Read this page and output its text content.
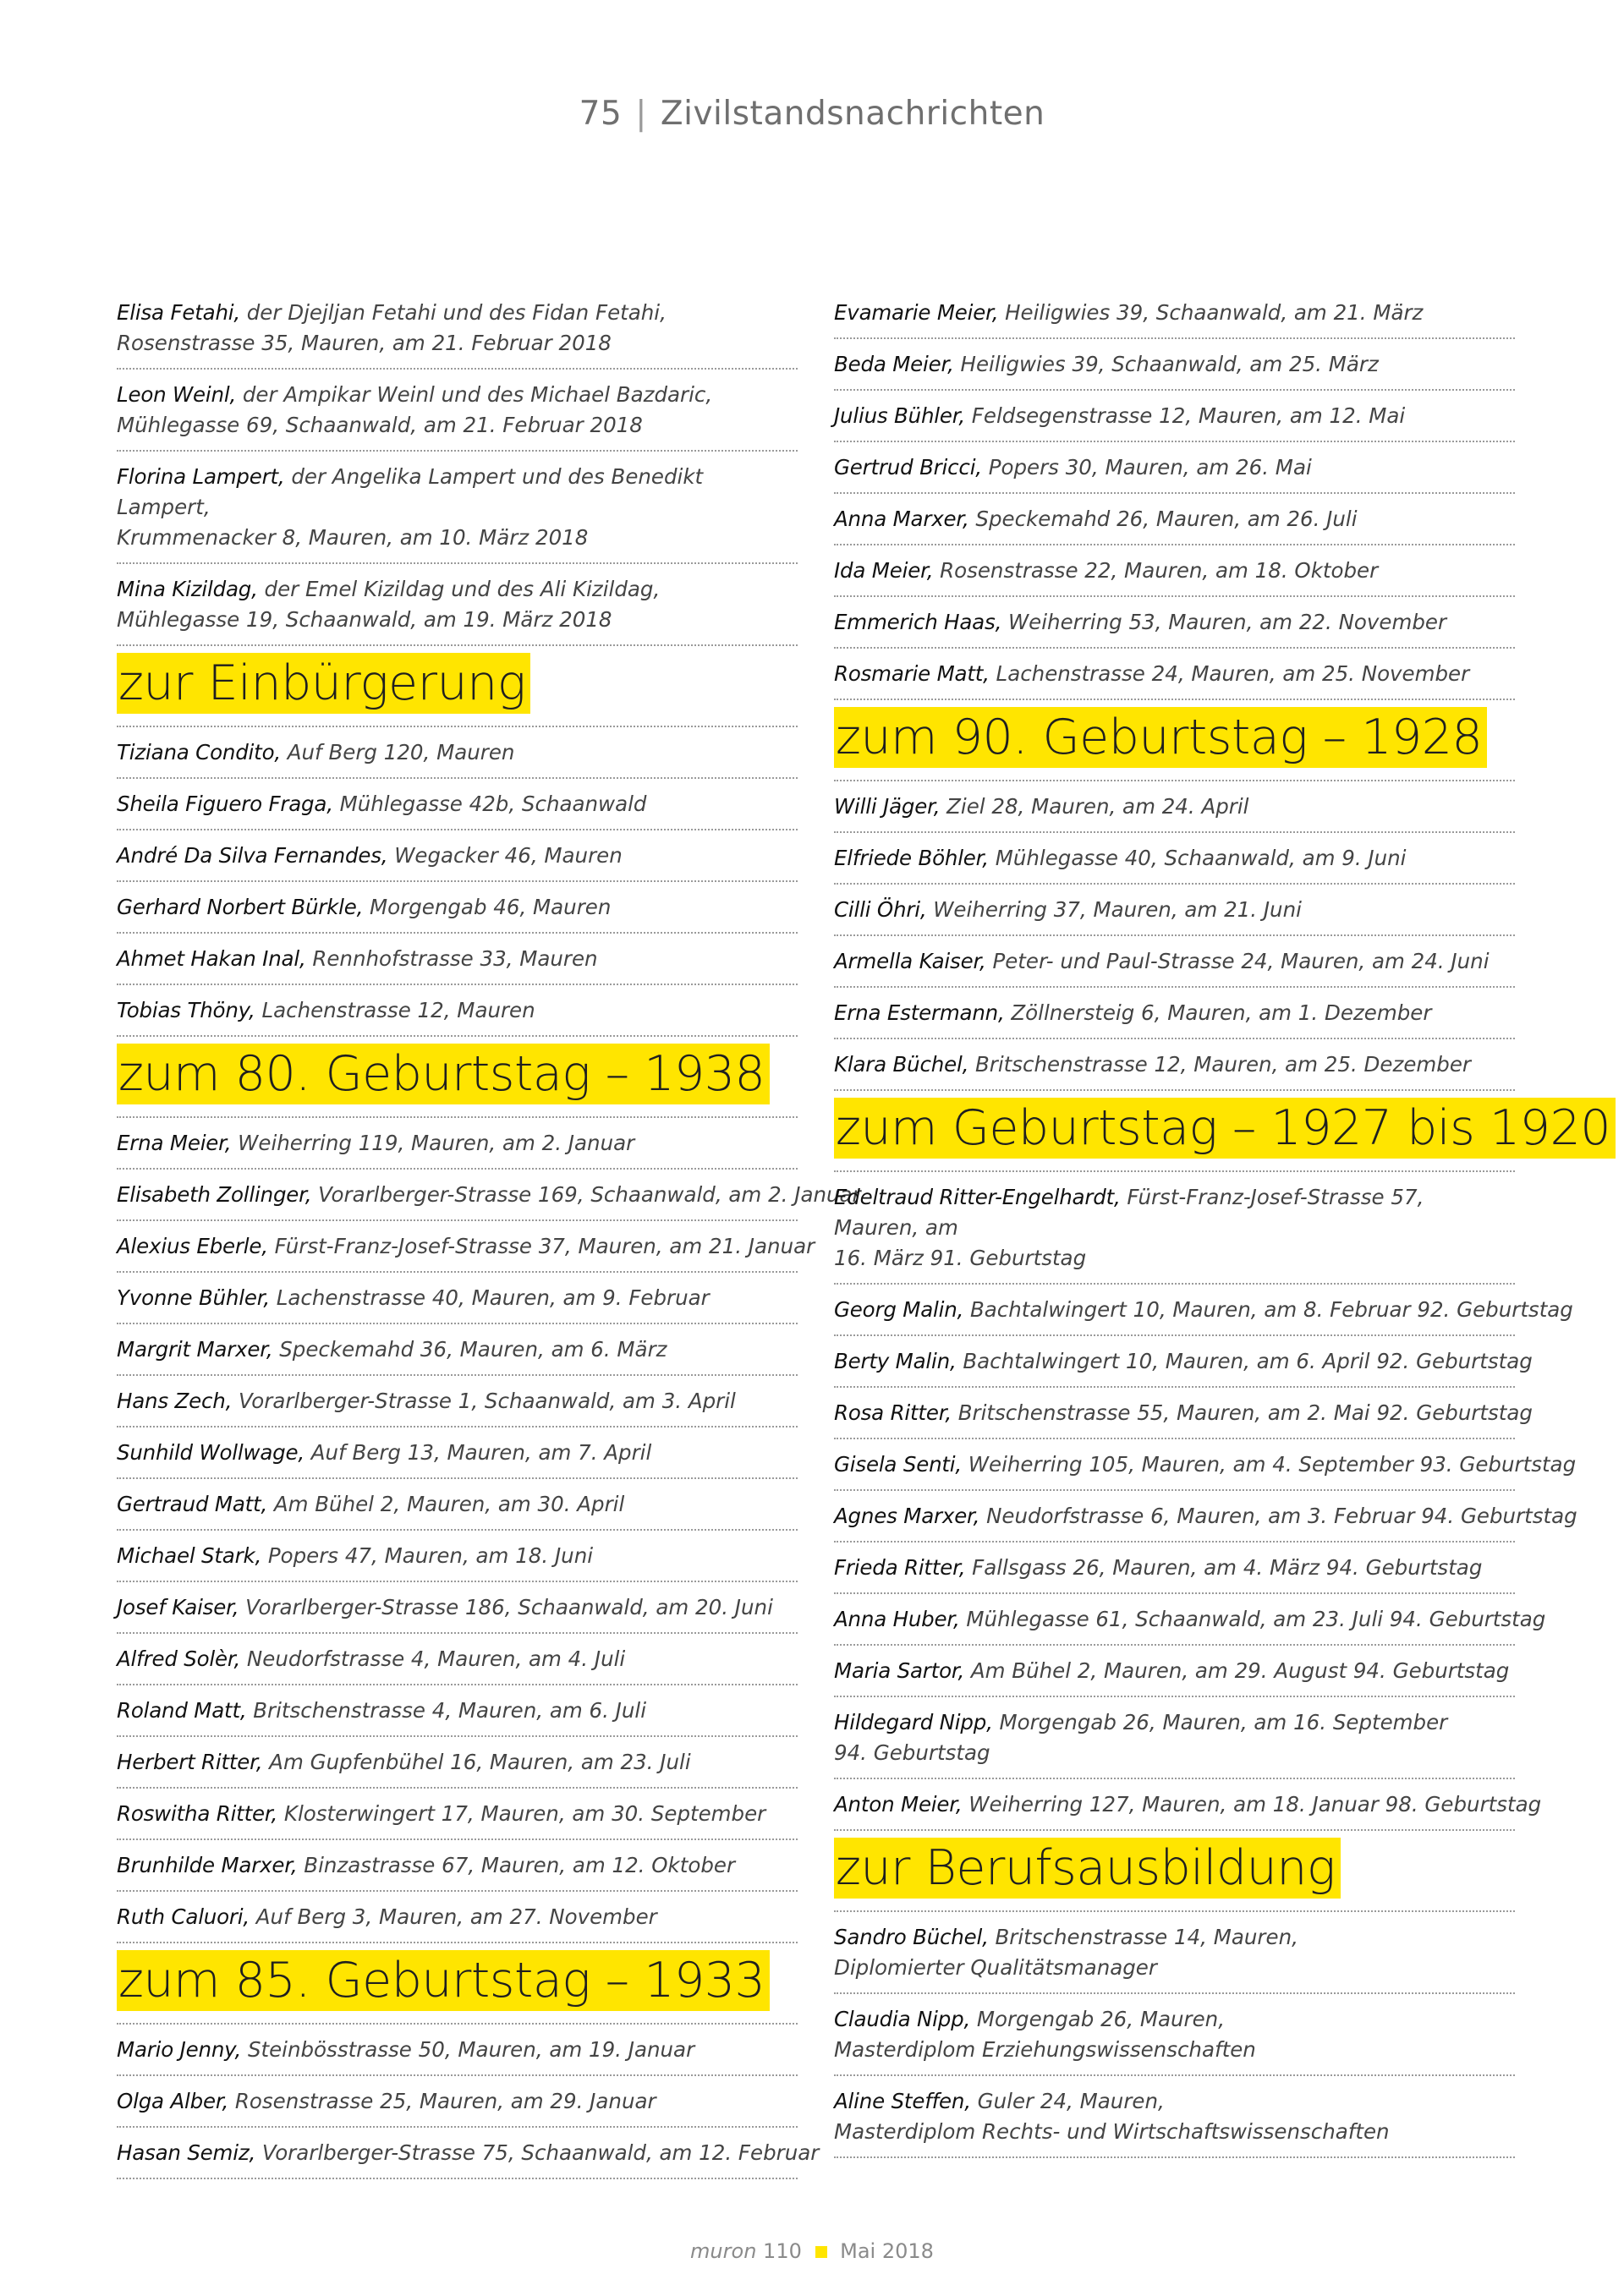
75 | Zivilstandsnachrichten
Elisa Fetahi, der Djejljan Fetahi und des Fidan Fetahi,
Rosenstrasse 35, Mauren, am 21. Februar 2018
Leon Weinl, der Ampikar Weinl und des Michael Bazdaric,
Mühlegasse 69, Schaanwald, am 21. Februar 2018
Florina Lampert, der Angelika Lampert und des Benedikt Lampert,
Krummenacker 8, Mauren, am 10. März 2018
Mina Kizildag, der Emel Kizildag und des Ali Kizildag,
Mühlegasse 19, Schaanwald, am 19. März 2018
zur Einbürgerung
Tiziana Condito, Auf Berg 120, Mauren
Sheila Figuero Fraga, Mühlegasse 42b, Schaanwald
André Da Silva Fernandes, Wegacker 46, Mauren
Gerhard Norbert Bürkle, Morgengab 46, Mauren
Ahmet Hakan Inal, Rennhofstrasse 33, Mauren
Tobias Thöny, Lachenstrasse 12, Mauren
zum 80. Geburtstag – 1938
Erna Meier, Weiherring 119, Mauren, am 2. Januar
Elisabeth Zollinger, Vorarlberger-Strasse 169, Schaanwald, am 2. Januar
Alexius Eberle, Fürst-Franz-Josef-Strasse 37, Mauren, am 21. Januar
Yvonne Bühler, Lachenstrasse 40, Mauren, am 9. Februar
Margrit Marxer, Speckemahd 36, Mauren, am 6. März
Hans Zech, Vorarlberger-Strasse 1, Schaanwald, am 3. April
Sunhild Wollwage, Auf Berg 13, Mauren, am 7. April
Gertraud Matt, Am Bühel 2, Mauren, am 30. April
Michael Stark, Popers 47, Mauren, am 18. Juni
Josef Kaiser, Vorarlberger-Strasse 186, Schaanwald, am 20. Juni
Alfred Solèr, Neudorfstrasse 4, Mauren, am 4. Juli
Roland Matt, Britschenstrasse 4, Mauren, am 6. Juli
Herbert Ritter, Am Gupfenbühel 16, Mauren, am 23. Juli
Roswitha Ritter, Klosterwingert 17, Mauren, am 30. September
Brunhilde Marxer, Binzastrasse 67, Mauren, am 12. Oktober
Ruth Caluori, Auf Berg 3, Mauren, am 27. November
zum 85. Geburtstag – 1933
Mario Jenny, Steinbösstrasse 50, Mauren, am 19. Januar
Olga Alber, Rosenstrasse 25, Mauren, am 29. Januar
Hasan Semiz, Vorarlberger-Strasse 75, Schaanwald, am 12. Februar
Evamarie Meier, Heiligwies 39, Schaanwald, am 21. März
Beda Meier, Heiligwies 39, Schaanwald, am 25. März
Julius Bühler, Feldsegenstrasse 12, Mauren, am 12. Mai
Gertrud Bricci, Popers 30, Mauren, am 26. Mai
Anna Marxer, Speckemahd 26, Mauren, am 26. Juli
Ida Meier, Rosenstrasse 22, Mauren, am 18. Oktober
Emmerich Haas, Weiherring 53, Mauren, am 22. November
Rosmarie Matt, Lachenstrasse 24, Mauren, am 25. November
zum 90. Geburtstag – 1928
Willi Jäger, Ziel 28, Mauren, am 24. April
Elfriede Böhler, Mühlegasse 40, Schaanwald, am 9. Juni
Cilli Öhri, Weiherring 37, Mauren, am 21. Juni
Armella Kaiser, Peter- und Paul-Strasse 24, Mauren, am 24. Juni
Erna Estermann, Zöllnersteig 6, Mauren, am 1. Dezember
Klara Büchel, Britschenstrasse 12, Mauren, am 25. Dezember
zum Geburtstag – 1927 bis 1920
Edeltraud Ritter-Engelhardt, Fürst-Franz-Josef-Strasse 57, Mauren, am
16. März 91. Geburtstag
Georg Malin, Bachtalwingert 10, Mauren, am 8. Februar 92. Geburtstag
Berty Malin, Bachtalwingert 10, Mauren, am 6. April 92. Geburtstag
Rosa Ritter, Britschenstrasse 55, Mauren, am 2. Mai 92. Geburtstag
Gisela Senti, Weiherring 105, Mauren, am 4. September 93. Geburtstag
Agnes Marxer, Neudorfstrasse 6, Mauren, am 3. Februar 94. Geburtstag
Frieda Ritter, Fallsgass 26, Mauren, am 4. März 94. Geburtstag
Anna Huber, Mühlegasse 61, Schaanwald, am 23. Juli 94. Geburtstag
Maria Sartor, Am Bühel 2, Mauren, am 29. August 94. Geburtstag
Hildegard Nipp, Morgengab 26, Mauren, am 16. September
94. Geburtstag
Anton Meier, Weiherring 127, Mauren, am 18. Januar 98. Geburtstag
zur Berufsausbildung
Sandro Büchel, Britschenstrasse 14, Mauren,
Diplomierter Qualitätsmanager
Claudia Nipp, Morgengab 26, Mauren,
Masterdiplom Erziehungswissenschaften
Aline Steffen, Guler 24, Mauren,
Masterdiplom Rechts- und Wirtschaftswissenschaften
muron 110 Mai 2018
